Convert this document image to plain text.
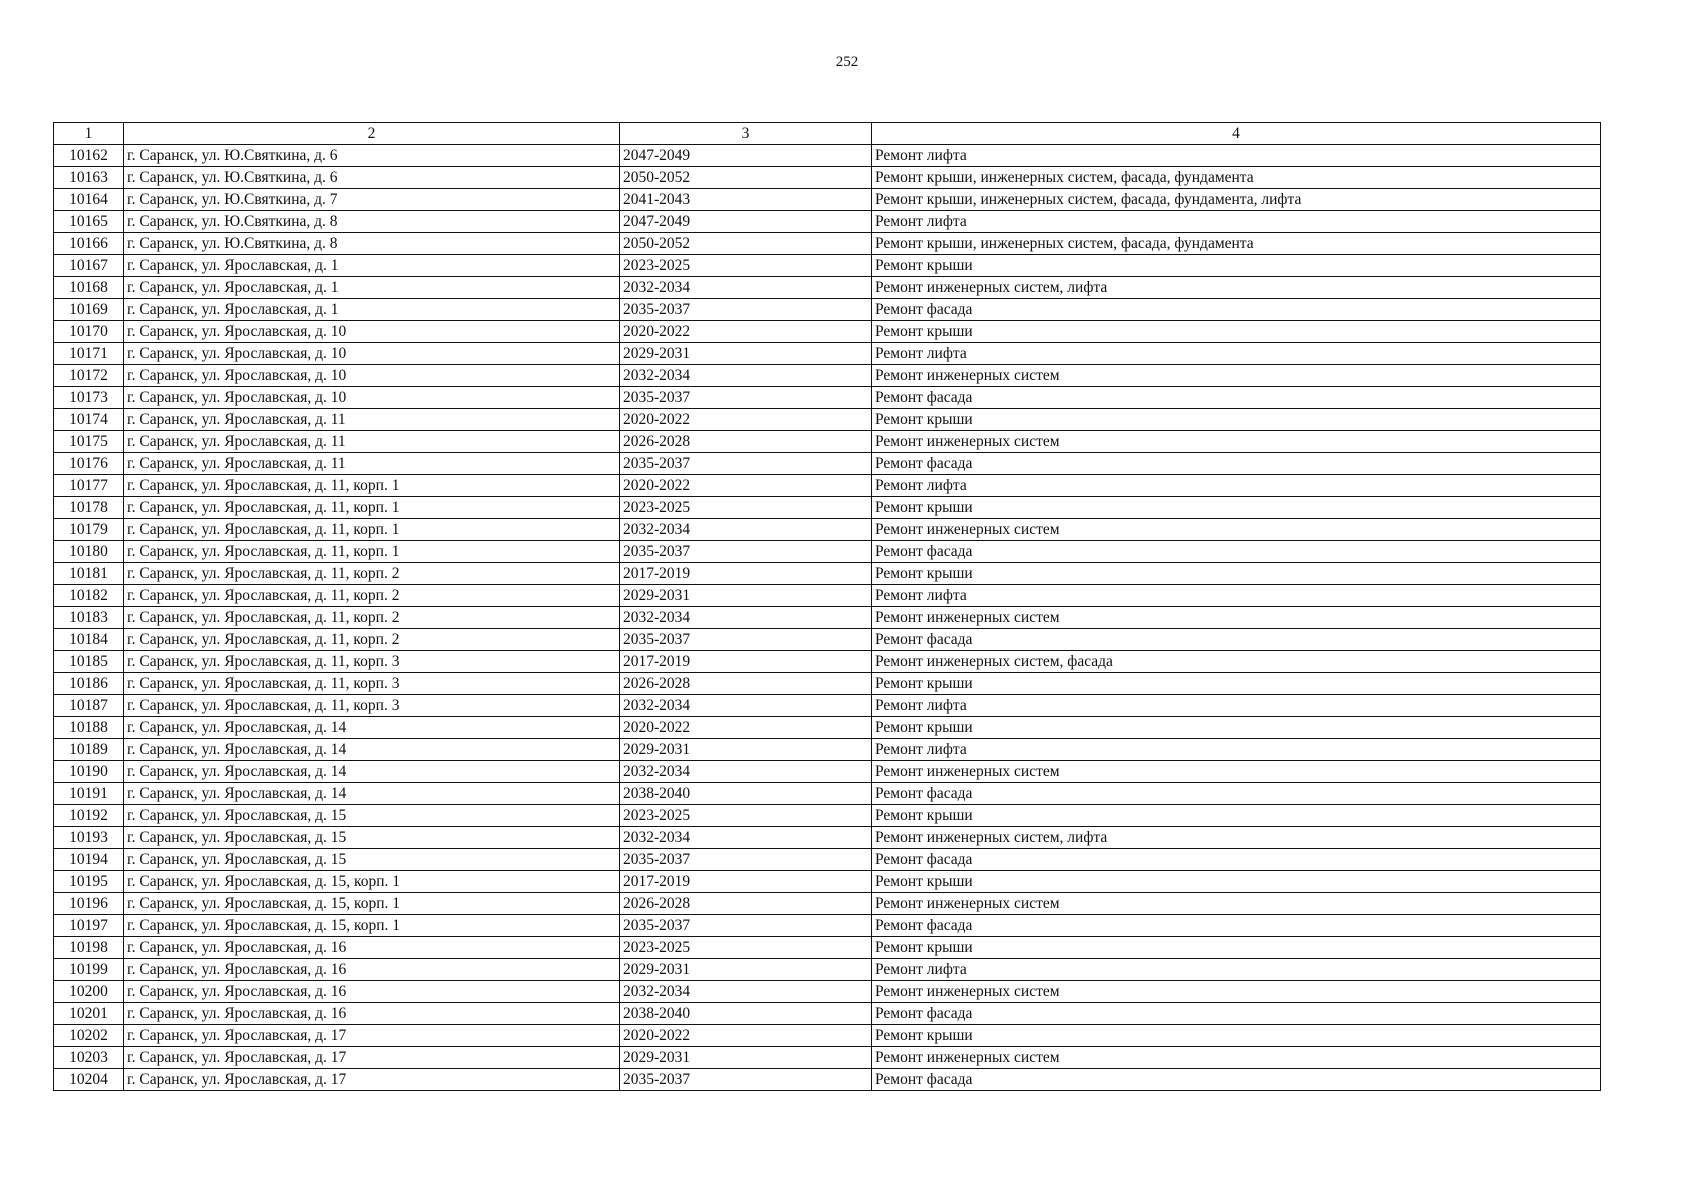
252
1	2	3	4
10162	г. Саранск, ул. Ю.Святкина, д. 6	2047-2049	Ремонт лифта
10163	г. Саранск, ул. Ю.Святкина, д. 6	2050-2052	Ремонт крыши, инженерных систем, фасада, фундамента
10164	г. Саранск, ул. Ю.Святкина, д. 7	2041-2043	Ремонт крыши, инженерных систем, фасада, фундамента, лифта
10165	г. Саранск, ул. Ю.Святкина, д. 8	2047-2049	Ремонт лифта
10166	г. Саранск, ул. Ю.Святкина, д. 8	2050-2052	Ремонт крыши, инженерных систем, фасада, фундамента
10167	г. Саранск, ул. Ярославская, д. 1	2023-2025	Ремонт крыши
10168	г. Саранск, ул. Ярославская, д. 1	2032-2034	Ремонт инженерных систем, лифта
10169	г. Саранск, ул. Ярославская, д. 1	2035-2037	Ремонт фасада
10170	г. Саранск, ул. Ярославская, д. 10	2020-2022	Ремонт крыши
10171	г. Саранск, ул. Ярославская, д. 10	2029-2031	Ремонт лифта
10172	г. Саранск, ул. Ярославская, д. 10	2032-2034	Ремонт инженерных систем
10173	г. Саранск, ул. Ярославская, д. 10	2035-2037	Ремонт фасада
10174	г. Саранск, ул. Ярославская, д. 11	2020-2022	Ремонт крыши
10175	г. Саранск, ул. Ярославская, д. 11	2026-2028	Ремонт инженерных систем
10176	г. Саранск, ул. Ярославская, д. 11	2035-2037	Ремонт фасада
10177	г. Саранск, ул. Ярославская, д. 11, корп. 1	2020-2022	Ремонт лифта
10178	г. Саранск, ул. Ярославская, д. 11, корп. 1	2023-2025	Ремонт крыши
10179	г. Саранск, ул. Ярославская, д. 11, корп. 1	2032-2034	Ремонт инженерных систем
10180	г. Саранск, ул. Ярославская, д. 11, корп. 1	2035-2037	Ремонт фасада
10181	г. Саранск, ул. Ярославская, д. 11, корп. 2	2017-2019	Ремонт крыши
10182	г. Саранск, ул. Ярославская, д. 11, корп. 2	2029-2031	Ремонт лифта
10183	г. Саранск, ул. Ярославская, д. 11, корп. 2	2032-2034	Ремонт инженерных систем
10184	г. Саранск, ул. Ярославская, д. 11, корп. 2	2035-2037	Ремонт фасада
10185	г. Саранск, ул. Ярославская, д. 11, корп. 3	2017-2019	Ремонт инженерных систем, фасада
10186	г. Саранск, ул. Ярославская, д. 11, корп. 3	2026-2028	Ремонт крыши
10187	г. Саранск, ул. Ярославская, д. 11, корп. 3	2032-2034	Ремонт лифта
10188	г. Саранск, ул. Ярославская, д. 14	2020-2022	Ремонт крыши
10189	г. Саранск, ул. Ярославская, д. 14	2029-2031	Ремонт лифта
10190	г. Саранск, ул. Ярославская, д. 14	2032-2034	Ремонт инженерных систем
10191	г. Саранск, ул. Ярославская, д. 14	2038-2040	Ремонт фасада
10192	г. Саранск, ул. Ярославская, д. 15	2023-2025	Ремонт крыши
10193	г. Саранск, ул. Ярославская, д. 15	2032-2034	Ремонт инженерных систем, лифта
10194	г. Саранск, ул. Ярославская, д. 15	2035-2037	Ремонт фасада
10195	г. Саранск, ул. Ярославская, д. 15, корп. 1	2017-2019	Ремонт крыши
10196	г. Саранск, ул. Ярославская, д. 15, корп. 1	2026-2028	Ремонт инженерных систем
10197	г. Саранск, ул. Ярославская, д. 15, корп. 1	2035-2037	Ремонт фасада
10198	г. Саранск, ул. Ярославская, д. 16	2023-2025	Ремонт крыши
10199	г. Саранск, ул. Ярославская, д. 16	2029-2031	Ремонт лифта
10200	г. Саранск, ул. Ярославская, д. 16	2032-2034	Ремонт инженерных систем
10201	г. Саранск, ул. Ярославская, д. 16	2038-2040	Ремонт фасада
10202	г. Саранск, ул. Ярославская, д. 17	2020-2022	Ремонт крыши
10203	г. Саранск, ул. Ярославская, д. 17	2029-2031	Ремонт инженерных систем
10204	г. Саранск, ул. Ярославская, д. 17	2035-2037	Ремонт фасада
